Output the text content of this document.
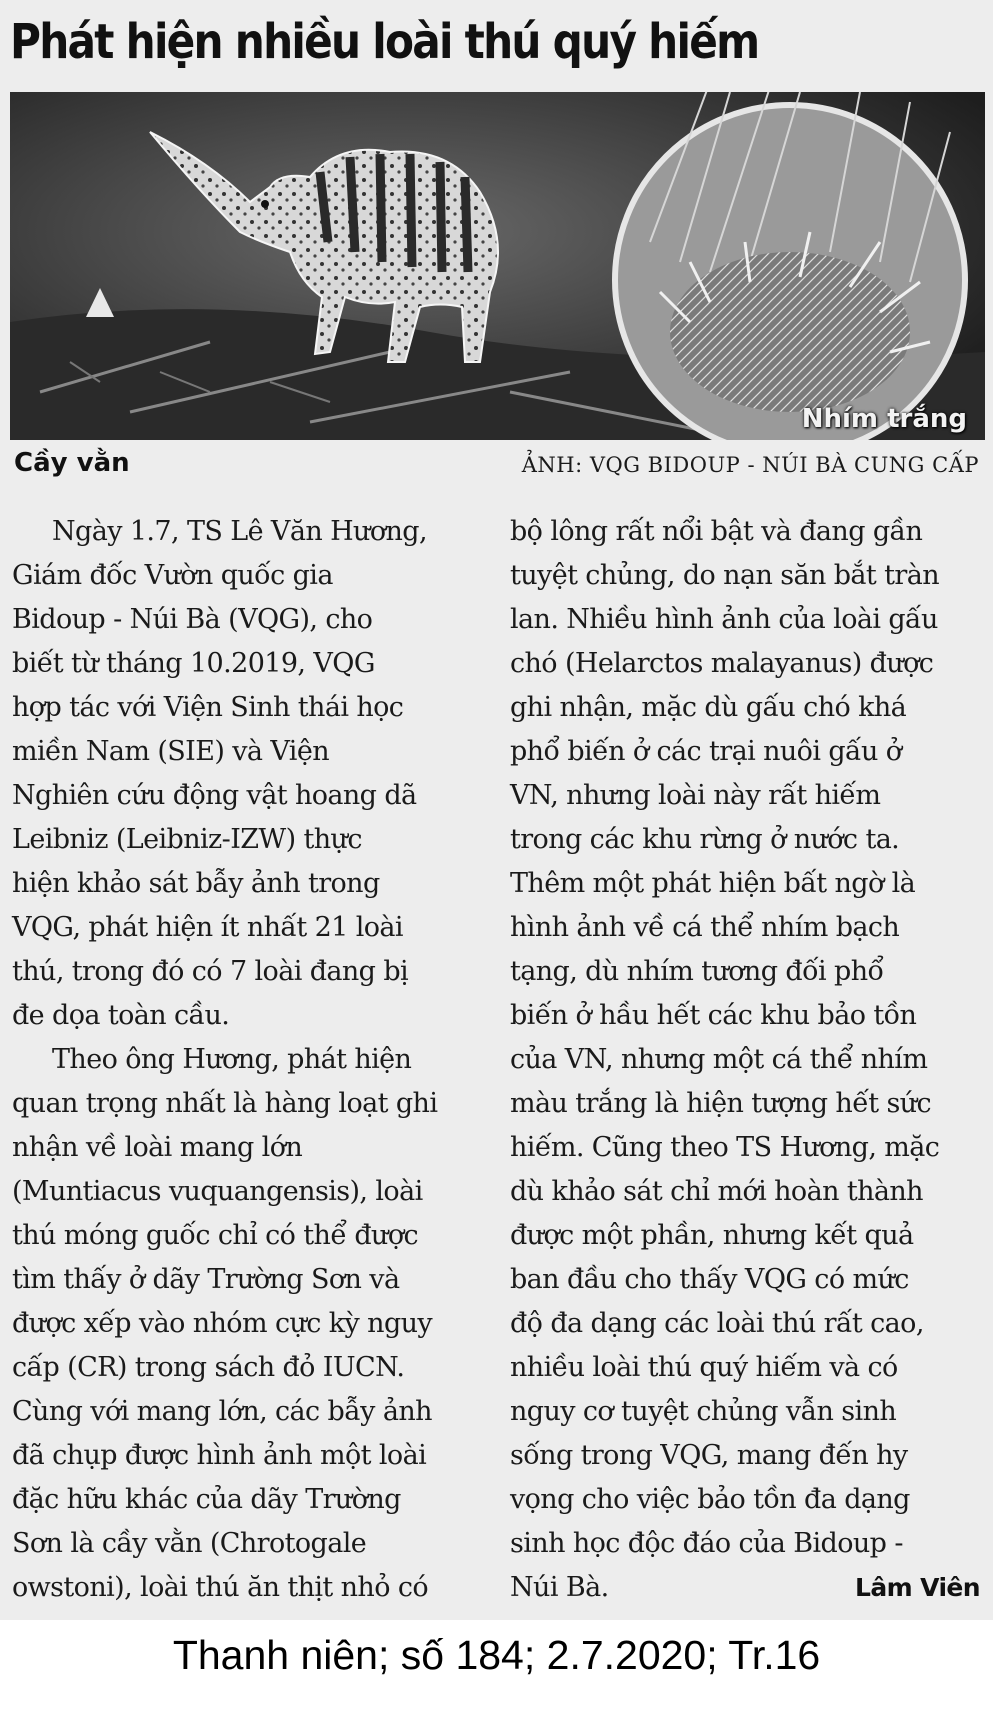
Phát hiện nhiều loài thú quý hiếm
Nhím trắng
Cầy vằn	ẢNH: VQG BIDOUP - NÚI BÀ CUNG CẤP
Ngày 1.7, TS Lê Văn Hương,
Giám đốc Vườn quốc gia
Bidoup - Núi Bà (VQG), cho
biết từ tháng 10.2019, VQG
hợp tác với Viện Sinh thái học
miền Nam (SIE) và Viện
Nghiên cứu động vật hoang dã
Leibniz (Leibniz-IZW) thực
hiện khảo sát bẫy ảnh trong
VQG, phát hiện ít nhất 21 loài
thú, trong đó có 7 loài đang bị
đe dọa toàn cầu.
Theo ông Hương, phát hiện
quan trọng nhất là hàng loạt ghi
nhận về loài mang lớn
(Muntiacus vuquangensis), loài
thú móng guốc chỉ có thể được
tìm thấy ở dãy Trường Sơn và
được xếp vào nhóm cực kỳ nguy
cấp (CR) trong sách đỏ IUCN.
Cùng với mang lớn, các bẫy ảnh
đã chụp được hình ảnh một loài
đặc hữu khác của dãy Trường
Sơn là cầy vằn (Chrotogale
owstoni), loài thú ăn thịt nhỏ có
bộ lông rất nổi bật và đang gần
tuyệt chủng, do nạn săn bắt tràn
lan. Nhiều hình ảnh của loài gấu
chó (Helarctos malayanus) được
ghi nhận, mặc dù gấu chó khá
phổ biến ở các trại nuôi gấu ở
VN, nhưng loài này rất hiếm
trong các khu rừng ở nước ta.
Thêm một phát hiện bất ngờ là
hình ảnh về cá thể nhím bạch
tạng, dù nhím tương đối phổ
biến ở hầu hết các khu bảo tồn
của VN, nhưng một cá thể nhím
màu trắng là hiện tượng hết sức
hiếm. Cũng theo TS Hương, mặc
dù khảo sát chỉ mới hoàn thành
được một phần, nhưng kết quả
ban đầu cho thấy VQG có mức
độ đa dạng các loài thú rất cao,
nhiều loài thú quý hiếm và có
nguy cơ tuyệt chủng vẫn sinh
sống trong VQG, mang đến hy
vọng cho việc bảo tồn đa dạng
sinh học độc đáo của Bidoup -
Núi Bà.	Lâm Viên
Thanh niên; số 184; 2.7.2020; Tr.16
